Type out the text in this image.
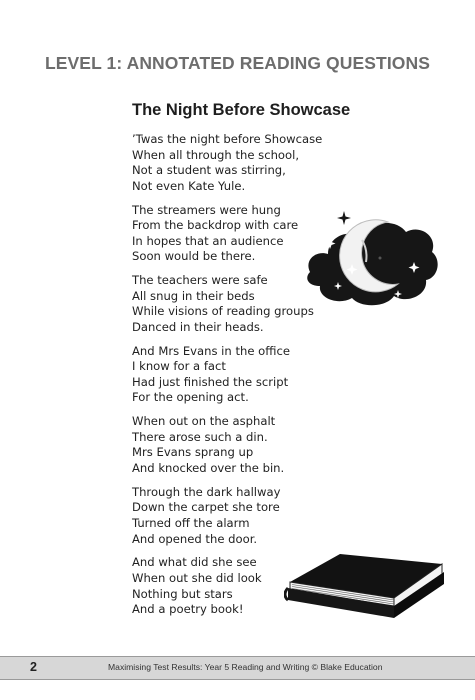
LEVEL 1: ANNOTATED READING QUESTIONS
The Night Before Showcase
’Twas the night before Showcase
When all through the school,
Not a student was stirring,
Not even Kate Yule.
The streamers were hung
From the backdrop with care
In hopes that an audience
Soon would be there.
The teachers were safe
All snug in their beds
While visions of reading groups
Danced in their heads.
And Mrs Evans in the office
I know for a fact
Had just finished the script
For the opening act.
When out on the asphalt
There arose such a din.
Mrs Evans sprang up
And knocked over the bin.
Through the dark hallway
Down the carpet she tore
Turned off the alarm
And opened the door.
And what did she see
When out she did look
Nothing but stars
And a poetry book!
2	Maximising Test Results: Year 5 Reading and Writing © Blake Education
